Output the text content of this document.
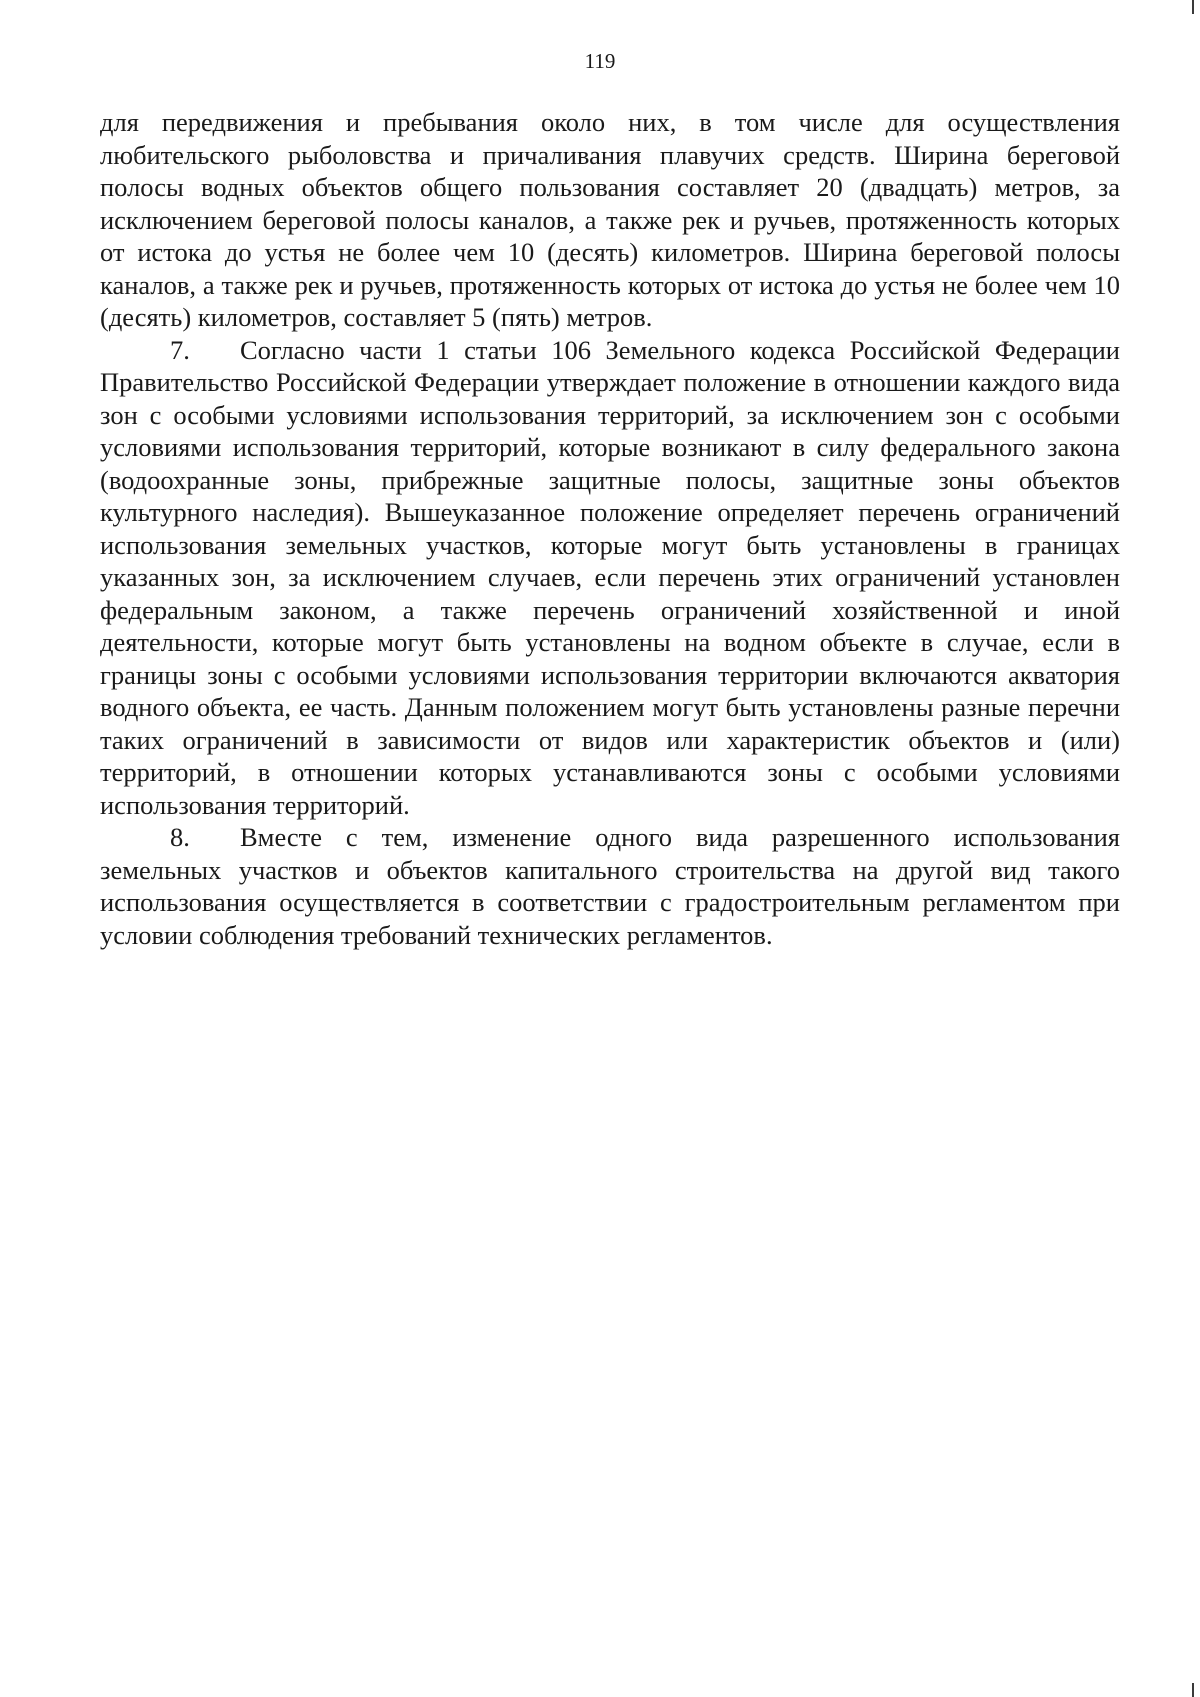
119

для передвижения и пребывания около них, в том числе для осуществления любительского рыболовства и причаливания плавучих средств. Ширина береговой полосы водных объектов общего пользования составляет 20 (двадцать) метров, за исключением береговой полосы каналов, а также рек и ручьев, протяженность которых от истока до устья не более чем 10 (десять) километров. Ширина береговой полосы каналов, а также рек и ручьев, протяженность которых от истока до устья не более чем 10 (десять) километров, составляет 5 (пять) метров.

7. Согласно части 1 статьи 106 Земельного кодекса Российской Федерации Правительство Российской Федерации утверждает положение в отношении каждого вида зон с особыми условиями использования территорий, за исключением зон с особыми условиями использования территорий, которые возникают в силу федерального закона (водоохранные зоны, прибрежные защитные полосы, защитные зоны объектов культурного наследия). Вышеуказанное положение определяет перечень ограничений использования земельных участков, которые могут быть установлены в границах указанных зон, за исключением случаев, если перечень этих ограничений установлен федеральным законом, а также перечень ограничений хозяйственной и иной деятельности, которые могут быть установлены на водном объекте в случае, если в границы зоны с особыми условиями использования территории включаются акватория водного объекта, ее часть. Данным положением могут быть установлены разные перечни таких ограничений в зависимости от видов или характеристик объектов и (или) территорий, в отношении которых устанавливаются зоны с особыми условиями использования территорий.

8. Вместе с тем, изменение одного вида разрешенного использования земельных участков и объектов капитального строительства на другой вид такого использования осуществляется в соответствии с градостроительным регламентом при условии соблюдения требований технических регламентов.
